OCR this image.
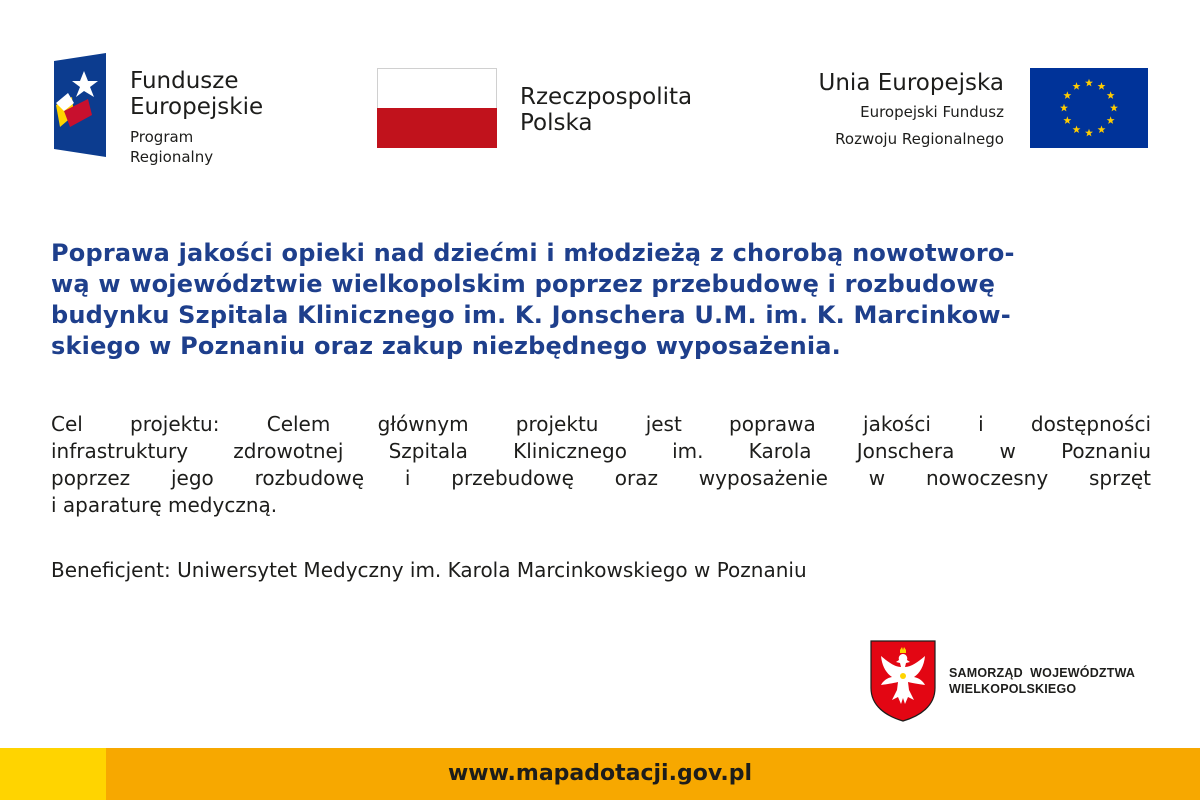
Fundusze
Europejskie
Program Regionalny
Rzeczpospolita
Polska
Unia Europejska
Europejski Fundusz
Rozwoju Regionalnego
Poprawa jakości opieki nad dziećmi i młodzieżą z chorobą nowotworo-
wą w województwie wielkopolskim poprzez przebudowę i rozbudowę
budynku Szpitala Klinicznego im. K. Jonschera U.M. im. K. Marcinkow-
skiego w Poznaniu oraz zakup niezbędnego wyposażenia.
Cel projektu: Celem głównym projektu jest poprawa jakości i dostępności
infrastruktury zdrowotnej Szpitala Klinicznego im. Karola Jonschera w Poznaniu
poprzez jego rozbudowę i przebudowę oraz wyposażenie w nowoczesny sprzęt
i aparaturę medyczną.
Beneficjent: Uniwersytet Medyczny im. Karola Marcinkowskiego w Poznaniu
SAMORZĄD  WOJEWÓDZTWA
WIELKOPOLSKIEGO
www.mapadotacji.gov.pl
